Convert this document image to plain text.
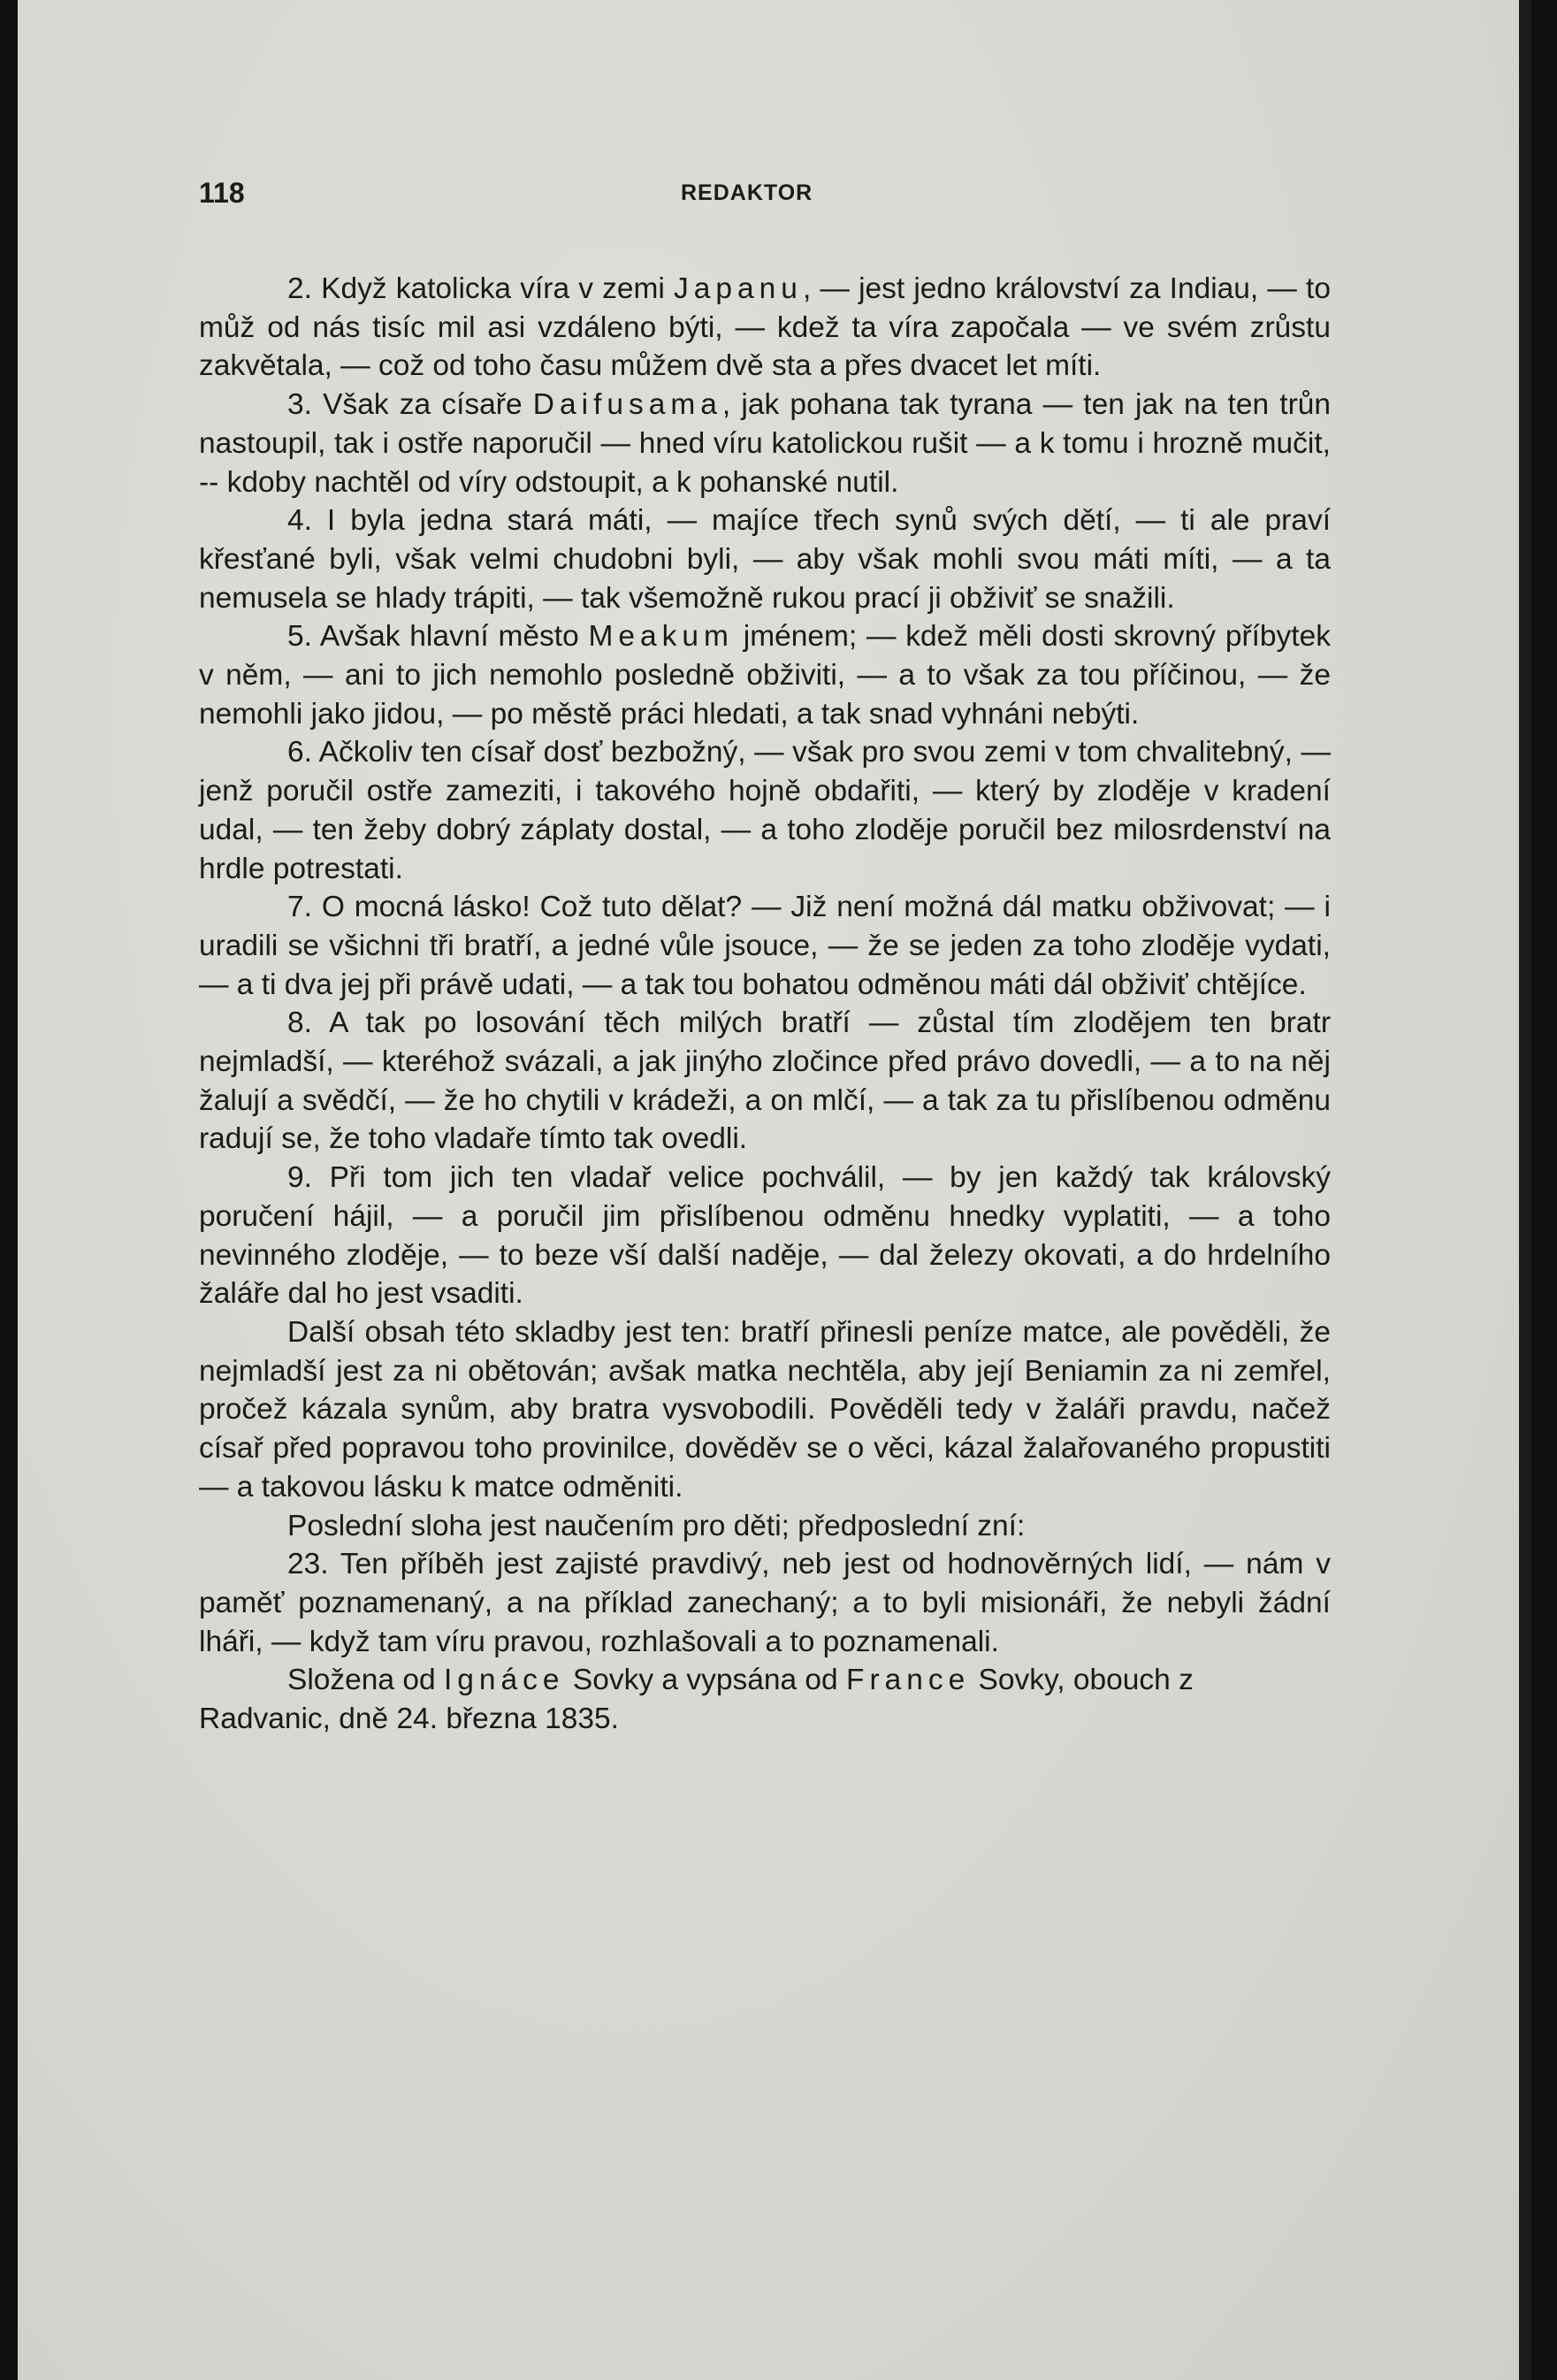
118	REDAKTOR

2. Když katolicka víra v zemi Japanu, — jest jedno království za Indiau, — to můž od nás tisíc mil asi vzdáleno býti, — kdež ta víra započala — ve svém zrůstu zakvětala, — což od toho času můžem dvě sta a přes dvacet let míti.

3. Však za císaře Daifusama, jak pohana tak tyrana — ten jak na ten trůn nastoupil, tak i ostře naporučil — hned víru katolickou rušit — a k tomu i hrozně mučit, -- kdoby nachtěl od víry odstoupit, a k pohanské nutil.

4. I byla jedna stará máti, — majíce třech synů svých dětí, — ti ale praví křesťané byli, však velmi chudobni byli, — aby však mohli svou máti míti, — a ta nemusela se hlady trápiti, — tak všemožně rukou prací ji obživiť se snažili.

5. Avšak hlavní město Meakum jménem; — kdež měli dosti skrovný příbytek v něm, — ani to jich nemohlo posledně obživiti, — a to však za tou příčinou, — že nemohli jako jidou, — po městě práci hledati, a tak snad vyhnáni nebýti.

6. Ačkoliv ten císař dosť bezbožný, — však pro svou zemi v tom chvalitebný, — jenž poručil ostře zameziti, i takového hojně obdařiti, — který by zloděje v kradení udal, — ten žeby dobrý záplaty dostal, — a toho zloděje poručil bez milosrdenství na hrdle potrestati.

7. O mocná lásko! Což tuto dělat? — Již není možná dál matku obživovat; — i uradili se všichni tři bratří, a jedné vůle jsouce, — že se jeden za toho zloděje vydati, — a ti dva jej při právě udati, — a tak tou bohatou odměnou máti dál obživiť chtějíce.

8. A tak po losování těch milých bratří — zůstal tím zlodějem ten bratr nejmladší, — kteréhož svázali, a jak jinýho zločince před právo dovedli, — a to na něj žalují a svědčí, — že ho chytili v krádeži, a on mlčí, — a tak za tu přislíbenou odměnu radují se, že toho vladaře tímto tak ovedli.

9. Při tom jich ten vladař velice pochválil, — by jen každý tak královský poručení hájil, — a poručil jim přislíbenou odměnu hnedky vyplatiti, — a toho nevinného zloděje, — to beze vší další naděje, — dal železy okovati, a do hrdelního žaláře dal ho jest vsaditi.

Další obsah této skladby jest ten: bratří přinesli peníze matce, ale pověděli, že nejmladší jest za ni obětován; avšak matka nechtěla, aby její Beniamin za ni zemřel, pročež kázala synům, aby bratra vysvobodili. Pověděli tedy v žaláři pravdu, načež císař před popravou toho provinilce, dověděv se o věci, kázal žalařovaného propustiti — a takovou lásku k matce odměniti.

Poslední sloha jest naučením pro děti; předposlední zní:

23. Ten příběh jest zajisté pravdivý, neb jest od hodnověrných lidí, — nám v paměť poznamenaný, a na příklad zanechaný; a to byli misionáři, že nebyli žádní lháři, — když tam víru pravou, rozhlašovali a to poznamenali.

Složena od Ignáce Sovky a vypsána od France Sovky, obouch z Radvanic, dně 24. března 1835.
